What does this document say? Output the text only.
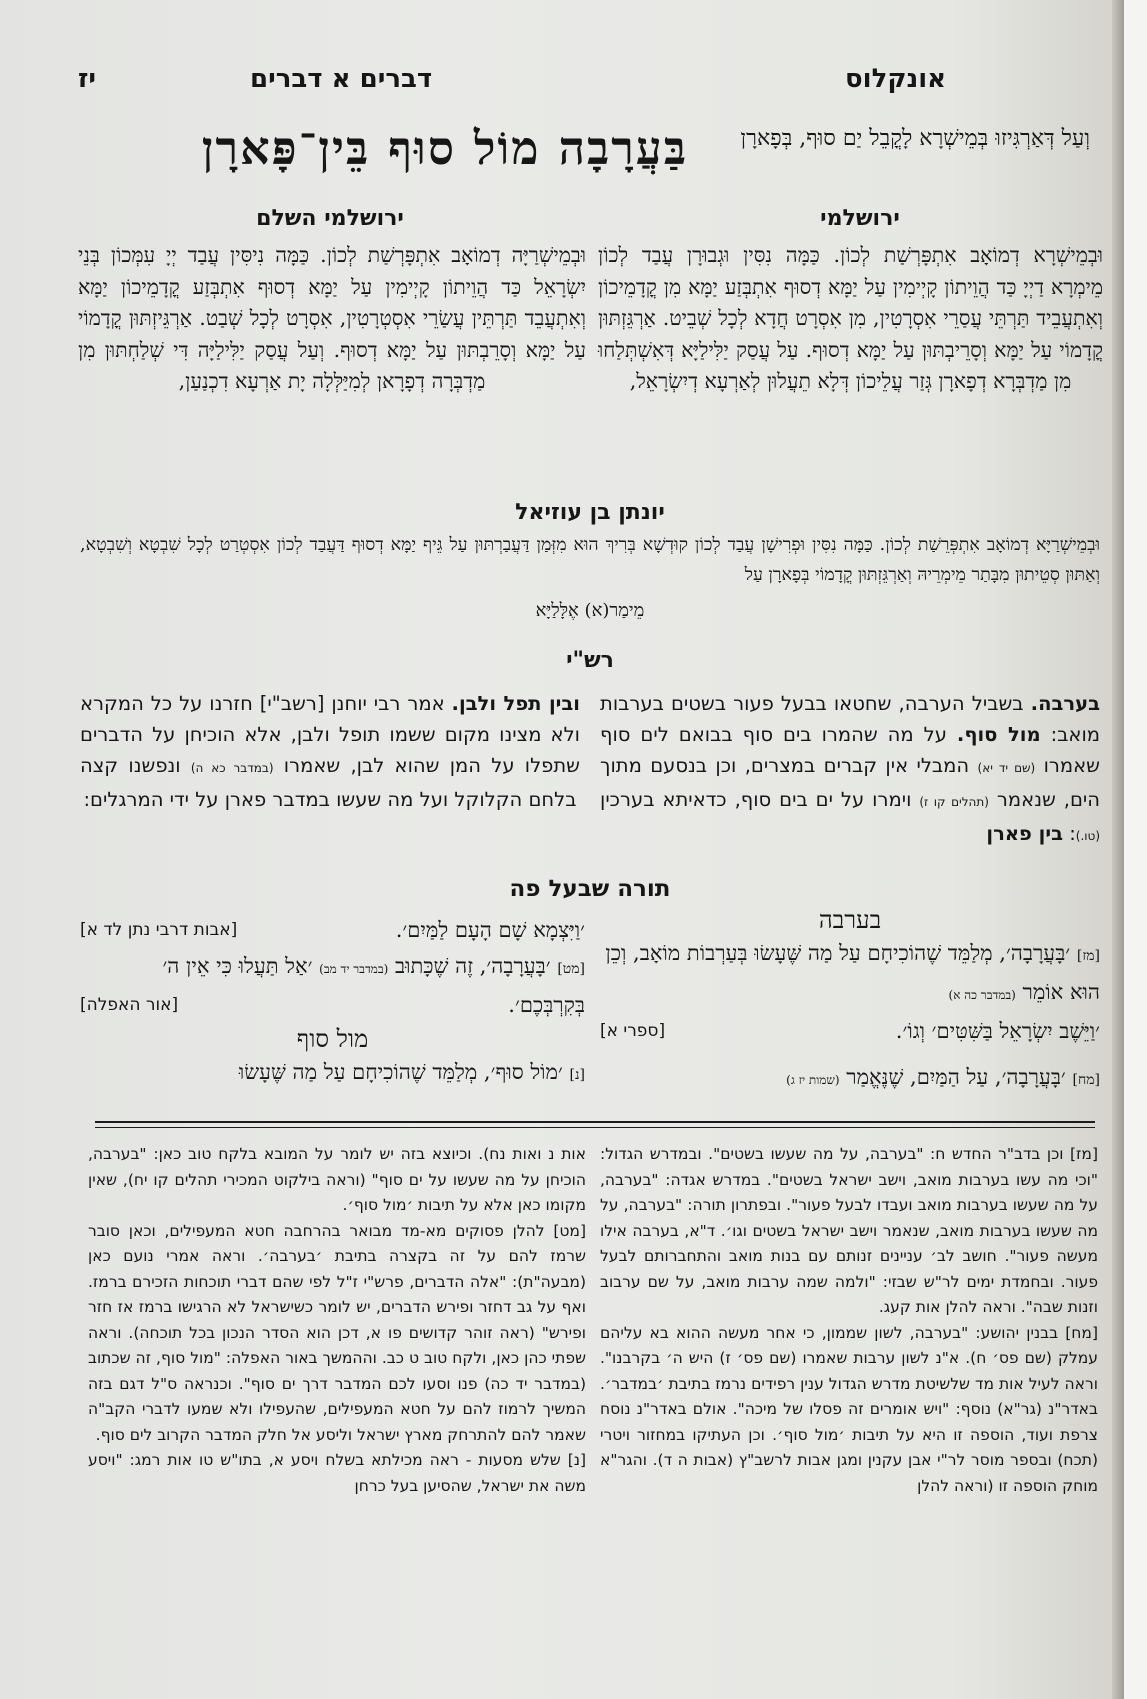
יז	דברים א דברים	אונקלוס
בַּעֲרָבָה מוֹל סוּף בֵּין־פָּארָן	וְעַל דְּאַרְגִּיזוּ בְּמֵישְׁרָא לָקֳבֵל יַם סוּף, בְּפָארָן
ירושלמי
וּבְמֵישְׁרָא דְמוֹאָב אִתְפָּרְשַׁת לְכוֹן. כַּמָּה נִסִּין וּגְבוּרָן עֲבַד לְכוֹן מֵימְרָא דַיְיָ כַּד הֲוֵיתוֹן קָיְימִין עַל יַמָּא דְסוּף אִתְבְּזַע יַמָּא מִן קֳדָמֵיכוֹן וְאִתְעֲבֵיד תַּרְתֵּי עֲסַרֵי אִסְרָטִין, מִן אִסְרָט חֲדָא לְכָל שְׁבֵיט. אַרְגֵּזְתּוּן קֳדָמוֹי עַל יַמָּא וְסָרֵיבְתּוּן עַל יַמָּא דְסוּף. עַל עֲסַק יַלִּילַיָּא דְּאִשְׁתְּלַחוּ מִן מַדְבְּרָא דְפָארָן גְּזַר עֲלֵיכוֹן דְּלָא תֵעֲלוּן לְאַרְעָא דְיִשְׂרָאֵל,
ירושלמי השלם
וּבְמֵישְׁרַיָּה דְמוֹאָב אִתְפָּרְשַׁת לְכוֹן. כַּמָּה נִיסִּין עֲבַד יְיָ עִמְּכוֹן בְּנֵי יִשְׂרָאֵל כַּד הֲוֵיתוֹן קָיְימִין עַל יַמָּא דְסוּף אִתְבְּזַע קֳדָמֵיכוֹן יַמָּא וְאִתְעֲבֵד תַּרְתֵּין עֲשַׂרֵי אִסְטְרָטִין, אִסְרָט לְכָל שְׁבַט. אַרְגֵּיזְתּוּן קֳדָמוֹי עַל יַמָּא וְסָרֵבְתּוּן עַל יַמָּא דְסוּף. וְעַל עֲסַק יַלִּילַיָּה דִּי שְׁלַחְתּוּן מִן מַדְבְּרָה דְפָרָאן לְמִיַּלְּלָה יָת אַרְעָא דִכְנַעַן,
יונתן בן עוזיאל
וּבְמֵישְׁרַיָּא דְמוֹאָב אִתְפְּרֵשַׁת לְכוֹן. כַּמָּה נִסִּין וּפְרִישָׁן עֲבַד לְכוֹן קוּדְשָׁא בְּרִיךְ הוּא מִזְּמַן דַּעֲבַרְתּוּן עַל גֵּיף יַמָּא דְסוּף דַּעֲבַד לְכוֹן אִסְטְרַט לְכָל שִׁבְטָא וְשִׁבְטָא, וְאַתּוּן סְטֵיתוּן מִבָּתַר מֵימְרֵיהּ וְאַרְגֵּזְתּוּן קֳדָמוֹי בְּפָארָן עַל
מֵימַר(א) אֶלָּלַיָּא
רש"י
בערבה. בשביל הערבה, שחטאו בבעל פעור בשטים בערבות מואב: מול סוף. על מה שהמרו בים סוף בבואם לים סוף שאמרו (שם יד יא) המבלי אין קברים במצרים, וכן בנסעם מתוך הים, שנאמר (תהלים קו ז) וימרו על ים בים סוף, כדאיתא בערכין (טו.): בין פארן
ובין תפל ולבן. אמר רבי יוחנן [רשב"י] חזרנו על כל המקרא ולא מצינו מקום ששמו תופל ולבן, אלא הוכיחן על הדברים שתפלו על המן שהוא לבן, שאמרו (במדבר כא ה) ונפשנו קצה בלחם הקלוקל ועל מה שעשו במדבר פארן על ידי המרגלים:
תורה שבעל פה
בערבה
[מז] ׳בָּעֲרָבָה׳, מְלַמֵּד שֶׁהוֹכִיחָם עַל מַה שֶּׁעָשׂוּ בְּעַרְבוֹת מוֹאָב, וְכֵן הוּא אוֹמֵר (במדבר כה א)
׳וַיֵּשֶׁב יִשְׂרָאֵל בַּשִּׁטִּים׳ וְגוֹ׳.
[ספרי א]
[מח] ׳בָּעֲרָבָה׳, עַל הַמַּיִם, שֶׁנֶּאֱמַר (שמות יז ג)
׳וַיִּצְמָא שָׁם הָעָם לַמַּיִם׳.
[אבות דרבי נתן לד א]
[מט] ׳בָּעֲרָבָה׳, זֶה שֶׁכָּתוּב (במדבר יד מב) ׳אַל תַּעֲלוּ כִּי אֵין ה׳ בְּקִרְבְּכֶם׳.
[אור האפלה]
מול סוף
[נ] ׳מוֹל סוּף׳, מְלַמֵּד שֶׁהוֹכִיחָם עַל מַה שֶּׁעָשׂוּ

[מז] וכן בדב"ר החדש ח: "בערבה, על מה שעשו בשטים". ובמדרש הגדול: "וכי מה עשו בערבות מואב, וישב ישראל בשטים". במדרש אגדה: "בערבה, על מה שעשו בערבות מואב ועבדו לבעל פעור". ובפתרון תורה: "בערבה, על מה שעשו בערבות מואב, שנאמר וישב ישראל בשטים וגו׳. ד"א, בערבה אילו מעשה פעור". חושב לב׳ עניינים זנותם עם בנות מואב והתחברותם לבעל פעור. ובחמדת ימים לר"ש שבזי: "ולמה שמה ערבות מואב, על שם ערבוב וזנות שבה". וראה להלן אות קעג.

[מח] בבנין יהושע: "בערבה, לשון שממון, כי אחר מעשה ההוא בא עליהם עמלק (שם פס׳ ח). א"נ לשון ערבות שאמרו (שם פס׳ ז) היש ה׳ בקרבנו". וראה לעיל אות מד שלשיטת מדרש הגדול ענין רפידים נרמז בתיבת ׳במדבר׳. באדר"נ (גר"א) נוסף: "ויש אומרים זה פסלו של מיכה". אולם באדר"נ נוסח צרפת ועוד, הוספה זו היא על תיבות ׳מול סוף׳. וכן העתיקו במחזור ויטרי (תכח) ובספר מוסר לר"י אבן עקנין ומגן אבות לרשב"ץ (אבות ה ד). והגר"א מוחק הוספה זו (וראה להלן

אות נ ואות נח). וכיוצא בזה יש לומר על המובא בלקח טוב כאן: "בערבה, הוכיחן על מה שעשו על ים סוף" (וראה בילקוט המכירי תהלים קו יח), שאין מקומו כאן אלא על תיבות ׳מול סוף׳.

[מט] להלן פסוקים מא-מד מבואר בהרחבה חטא המעפילים, וכאן סובר שרמז להם על זה בקצרה בתיבת ׳בערבה׳. וראה אמרי נועם כאן (מבעה"ת): "אלה הדברים, פרש"י ז"ל לפי שהם דברי תוכחות הזכירם ברמז. ואף על גב דחזר ופירש הדברים, יש לומר כשישראל לא הרגישו ברמז אז חזר ופירש" (ראה זוהר קדושים פו א, דכן הוא הסדר הנכון בכל תוכחה). וראה שפתי כהן כאן, ולקח טוב ט כב. וההמשך באור האפלה: "מול סוף, זה שכתוב (במדבר יד כה) פנו וסעו לכם המדבר דרך ים סוף". וכנראה ס"ל דגם בזה המשיך לרמוז להם על חטא המעפילים, שהעפילו ולא שמעו לדברי הקב"ה שאמר להם להתרחק מארץ ישראל וליסע אל חלק המדבר הקרוב לים סוף.

[נ] שלש מסעות - ראה מכילתא בשלח ויסע א, בתו"ש טו אות רמג: "ויסע משה את ישראל, שהסיען בעל כרחן
